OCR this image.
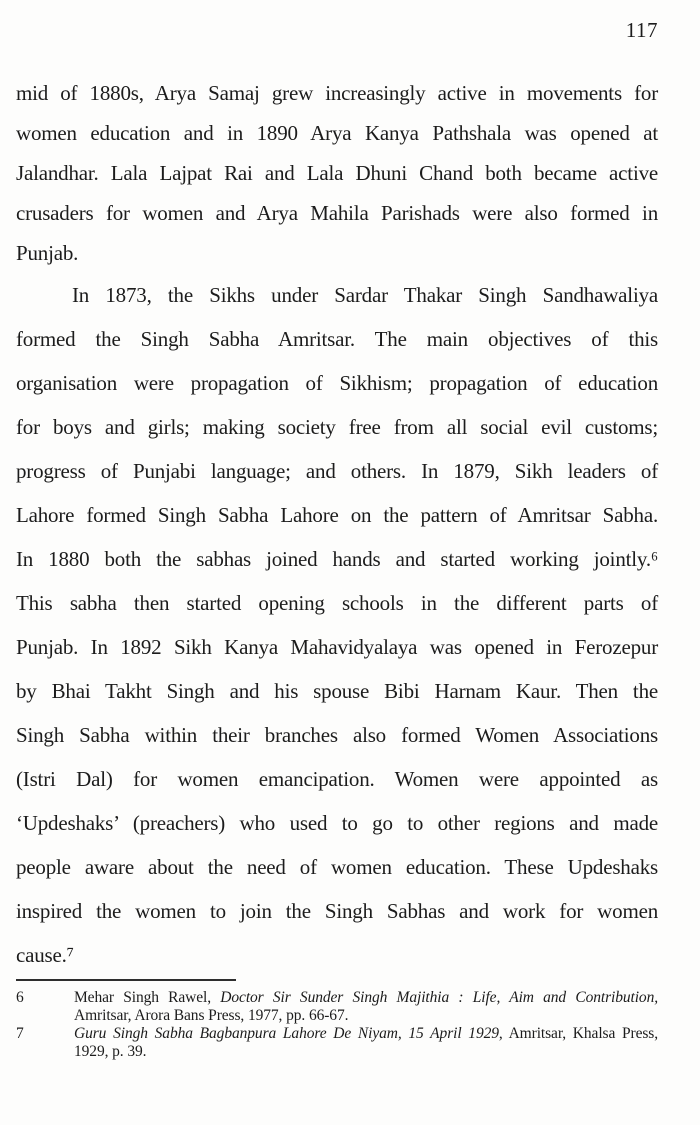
117
mid of 1880s, Arya Samaj grew increasingly active in movements for
women education and in 1890 Arya Kanya Pathshala was opened at
Jalandhar. Lala Lajpat Rai and Lala Dhuni Chand both became active
crusaders for women and Arya Mahila Parishads were also formed in
Punjab.
In 1873, the Sikhs under Sardar Thakar Singh Sandhawaliya
formed the Singh Sabha Amritsar. The main objectives of this
organisation were propagation of Sikhism; propagation of education
for boys and girls; making society free from all social evil customs;
progress of Punjabi language; and others. In 1879, Sikh leaders of
Lahore formed Singh Sabha Lahore on the pattern of Amritsar Sabha.
In 1880 both the sabhas joined hands and started working jointly.⁶
This sabha then started opening schools in the different parts of
Punjab. In 1892 Sikh Kanya Mahavidyalaya was opened in Ferozepur
by Bhai Takht Singh and his spouse Bibi Harnam Kaur. Then the
Singh Sabha within their branches also formed Women Associations
(Istri Dal) for women emancipation. Women were appointed as
‘Updeshaks’ (preachers) who used to go to other regions and made
people aware about the need of women education. These Updeshaks
inspired the women to join the Singh Sabhas and work for women
cause.⁷
6	Mehar Singh Rawel, Doctor Sir Sunder Singh Majithia : Life, Aim and Contribution,
Amritsar, Arora Bans Press, 1977, pp. 66-67.
7	Guru Singh Sabha Bagbanpura Lahore De Niyam, 15 April 1929, Amritsar, Khalsa Press,
1929, p. 39.
